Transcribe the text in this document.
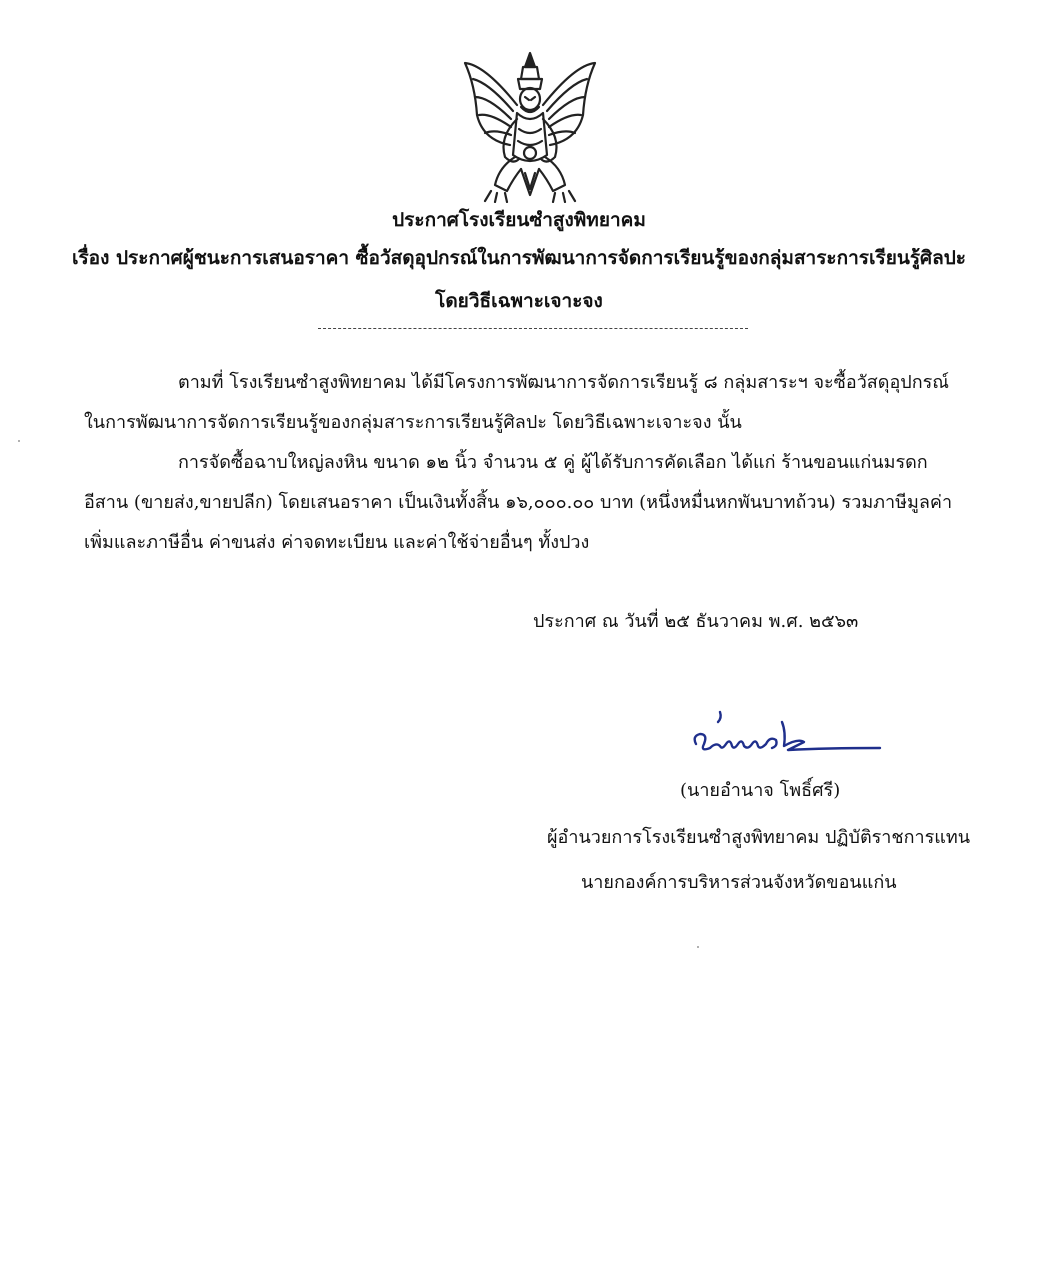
ประกาศโรงเรียนซำสูงพิทยาคม
เรื่อง ประกาศผู้ชนะการเสนอราคา ซื้อวัสดุอุปกรณ์ในการพัฒนาการจัดการเรียนรู้ของกลุ่มสาระการเรียนรู้ศิลปะ
โดยวิธีเฉพาะเจาะจง
ตามที่ โรงเรียนซำสูงพิทยาคม ได้มีโครงการพัฒนาการจัดการเรียนรู้ ๘ กลุ่มสาระฯ จะซื้อวัสดุอุปกรณ์
ในการพัฒนาการจัดการเรียนรู้ของกลุ่มสาระการเรียนรู้ศิลปะ โดยวิธีเฉพาะเจาะจง นั้น
การจัดซื้อฉาบใหญ่ลงหิน ขนาด ๑๒ นิ้ว จำนวน ๕ คู่ ผู้ได้รับการคัดเลือก ได้แก่ ร้านขอนแก่นมรดก
อีสาน (ขายส่ง,ขายปลีก) โดยเสนอราคา เป็นเงินทั้งสิ้น ๑๖,๐๐๐.๐๐ บาท (หนึ่งหมื่นหกพันบาทถ้วน) รวมภาษีมูลค่า
เพิ่มและภาษีอื่น ค่าขนส่ง ค่าจดทะเบียน และค่าใช้จ่ายอื่นๆ ทั้งปวง
ประกาศ ณ วันที่ ๒๕ ธันวาคม พ.ศ. ๒๕๖๓
(นายอำนาจ โพธิ์ศรี)
ผู้อำนวยการโรงเรียนซำสูงพิทยาคม ปฏิบัติราชการแทน
นายกองค์การบริหารส่วนจังหวัดขอนแก่น
